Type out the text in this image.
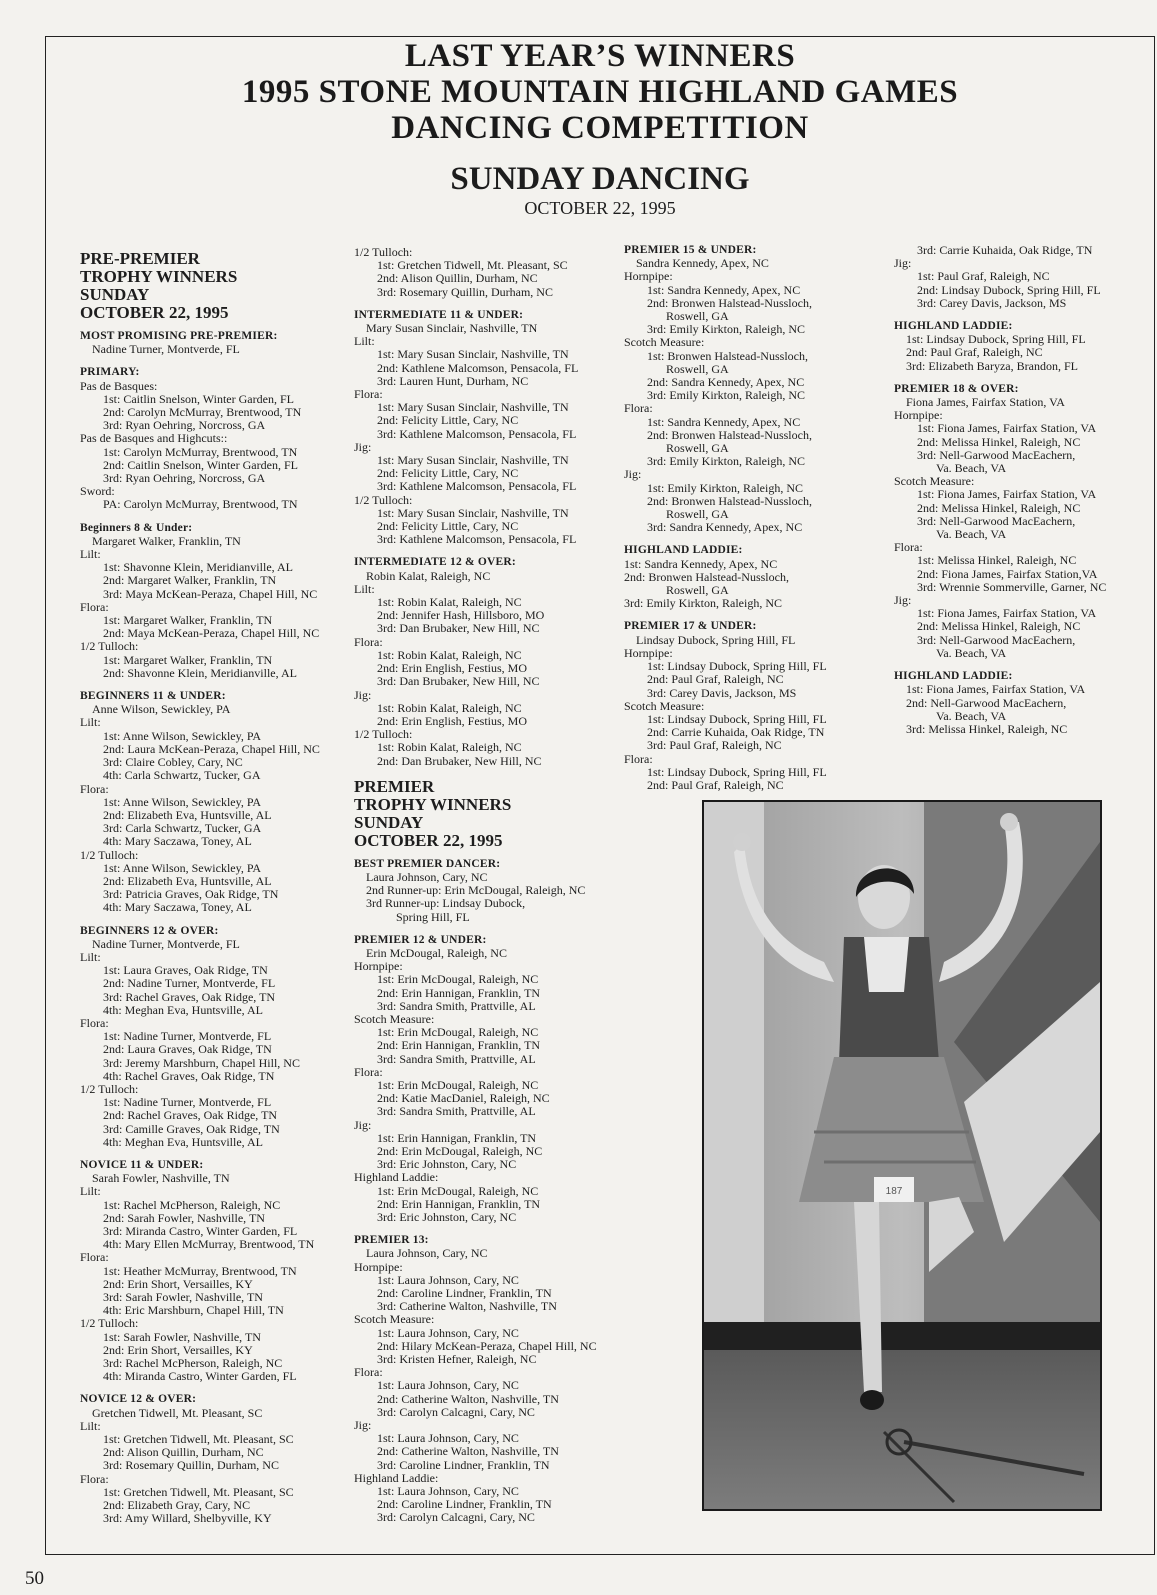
LAST YEAR’S WINNERS
1995 STONE MOUNTAIN HIGHLAND GAMES
DANCING COMPETITION
SUNDAY DANCING
OCTOBER 22, 1995
PRE-PREMIER
TROPHY WINNERS
SUNDAY
OCTOBER 22, 1995
MOST PROMISING PRE-PREMIER:
Nadine Turner, Montverde, FL
PRIMARY:
Pas de Basques:
1st: Caitlin Snelson, Winter Garden, FL
2nd: Carolyn McMurray, Brentwood, TN
3rd: Ryan Oehring, Norcross, GA
Pas de Basques and Highcuts::
1st: Carolyn McMurray, Brentwood, TN
2nd: Caitlin Snelson, Winter Garden, FL
3rd: Ryan Oehring, Norcross, GA
Sword:
PA: Carolyn McMurray, Brentwood, TN
Beginners 8 & Under:
Margaret Walker, Franklin, TN
Lilt:
1st: Shavonne Klein, Meridianville, AL
2nd: Margaret Walker, Franklin, TN
3rd: Maya McKean-Peraza, Chapel Hill, NC
Flora:
1st: Margaret Walker, Franklin, TN
2nd: Maya McKean-Peraza, Chapel Hill, NC
1/2 Tulloch:
1st: Margaret Walker, Franklin, TN
2nd: Shavonne Klein, Meridianville, AL
BEGINNERS 11 & UNDER:
Anne Wilson, Sewickley, PA
Lilt:
1st: Anne Wilson, Sewickley, PA
2nd: Laura McKean-Peraza, Chapel Hill, NC
3rd: Claire Cobley, Cary, NC
4th: Carla Schwartz, Tucker, GA
Flora:
1st: Anne Wilson, Sewickley, PA
2nd: Elizabeth Eva, Huntsville, AL
3rd: Carla Schwartz, Tucker, GA
4th: Mary Saczawa, Toney, AL
1/2 Tulloch:
1st: Anne Wilson, Sewickley, PA
2nd: Elizabeth Eva, Huntsville, AL
3rd: Patricia Graves, Oak Ridge, TN
4th: Mary Saczawa, Toney, AL
BEGINNERS 12 & OVER:
Nadine Turner, Montverde, FL
Lilt:
1st: Laura Graves, Oak Ridge, TN
2nd: Nadine Turner, Montverde, FL
3rd: Rachel Graves, Oak Ridge, TN
4th: Meghan Eva, Huntsville, AL
Flora:
1st: Nadine Turner, Montverde, FL
2nd: Laura Graves, Oak Ridge, TN
3rd: Jeremy Marshburn, Chapel Hill, NC
4th: Rachel Graves, Oak Ridge, TN
1/2 Tulloch:
1st: Nadine Turner, Montverde, FL
2nd: Rachel Graves, Oak Ridge, TN
3rd: Camille Graves, Oak Ridge, TN
4th: Meghan Eva, Huntsville, AL
NOVICE 11 & UNDER:
Sarah Fowler, Nashville, TN
Lilt:
1st: Rachel McPherson, Raleigh, NC
2nd: Sarah Fowler, Nashville, TN
3rd: Miranda Castro, Winter Garden, FL
4th: Mary Ellen McMurray, Brentwood, TN
Flora:
1st: Heather McMurray, Brentwood, TN
2nd: Erin Short, Versailles, KY
3rd: Sarah Fowler, Nashville, TN
4th: Eric Marshburn, Chapel Hill, TN
1/2 Tulloch:
1st: Sarah Fowler, Nashville, TN
2nd: Erin Short, Versailles, KY
3rd: Rachel McPherson, Raleigh, NC
4th: Miranda Castro, Winter Garden, FL
NOVICE 12 & OVER:
Gretchen Tidwell, Mt. Pleasant, SC
Lilt:
1st: Gretchen Tidwell, Mt. Pleasant, SC
2nd: Alison Quillin, Durham, NC
3rd: Rosemary Quillin, Durham, NC
Flora:
1st: Gretchen Tidwell, Mt. Pleasant, SC
2nd: Elizabeth Gray, Cary, NC
3rd: Amy Willard, Shelbyville, KY
1/2 Tulloch:
1st: Gretchen Tidwell, Mt. Pleasant, SC
2nd: Alison Quillin, Durham, NC
3rd: Rosemary Quillin, Durham, NC
INTERMEDIATE 11 & UNDER:
Mary Susan Sinclair, Nashville, TN
Lilt:
1st: Mary Susan Sinclair, Nashville, TN
2nd: Kathlene Malcomson, Pensacola, FL
3rd: Lauren Hunt, Durham, NC
Flora:
1st: Mary Susan Sinclair, Nashville, TN
2nd: Felicity Little, Cary, NC
3rd: Kathlene Malcomson, Pensacola, FL
Jig:
1st: Mary Susan Sinclair, Nashville, TN
2nd: Felicity Little, Cary, NC
3rd: Kathlene Malcomson, Pensacola, FL
1/2 Tulloch:
1st: Mary Susan Sinclair, Nashville, TN
2nd: Felicity Little, Cary, NC
3rd: Kathlene Malcomson, Pensacola, FL
INTERMEDIATE 12 & OVER:
Robin Kalat, Raleigh, NC
Lilt:
1st: Robin Kalat, Raleigh, NC
2nd: Jennifer Hash, Hillsboro, MO
3rd: Dan Brubaker, New Hill, NC
Flora:
1st: Robin Kalat, Raleigh, NC
2nd: Erin English, Festius, MO
3rd: Dan Brubaker, New Hill, NC
Jig:
1st: Robin Kalat, Raleigh, NC
2nd: Erin English, Festius, MO
1/2 Tulloch:
1st: Robin Kalat, Raleigh, NC
2nd: Dan Brubaker, New Hill, NC
PREMIER
TROPHY WINNERS
SUNDAY
OCTOBER 22, 1995
BEST PREMIER DANCER:
Laura Johnson, Cary, NC
2nd Runner-up: Erin McDougal, Raleigh, NC
3rd Runner-up: Lindsay Dubock,
Spring Hill, FL
PREMIER 12 & UNDER:
Erin McDougal, Raleigh, NC
Hornpipe:
1st: Erin McDougal, Raleigh, NC
2nd: Erin Hannigan, Franklin, TN
3rd: Sandra Smith, Prattville, AL
Scotch Measure:
1st: Erin McDougal, Raleigh, NC
2nd: Erin Hannigan, Franklin, TN
3rd: Sandra Smith, Prattville, AL
Flora:
1st: Erin McDougal, Raleigh, NC
2nd: Katie MacDaniel, Raleigh, NC
3rd: Sandra Smith, Prattville, AL
Jig:
1st: Erin Hannigan, Franklin, TN
2nd: Erin McDougal, Raleigh, NC
3rd: Eric Johnston, Cary, NC
Highland Laddie:
1st: Erin McDougal, Raleigh, NC
2nd: Erin Hannigan, Franklin, TN
3rd: Eric Johnston, Cary, NC
PREMIER 13:
Laura Johnson, Cary, NC
Hornpipe:
1st: Laura Johnson, Cary, NC
2nd: Caroline Lindner, Franklin, TN
3rd: Catherine Walton, Nashville, TN
Scotch Measure:
1st: Laura Johnson, Cary, NC
2nd: Hilary McKean-Peraza, Chapel Hill, NC
3rd: Kristen Hefner, Raleigh, NC
Flora:
1st: Laura Johnson, Cary, NC
2nd: Catherine Walton, Nashville, TN
3rd: Carolyn Calcagni, Cary, NC
Jig:
1st: Laura Johnson, Cary, NC
2nd: Catherine Walton, Nashville, TN
3rd: Caroline Lindner, Franklin, TN
Highland Laddie:
1st: Laura Johnson, Cary, NC
2nd: Caroline Lindner, Franklin, TN
3rd: Carolyn Calcagni, Cary, NC
PREMIER 15 & UNDER:
Sandra Kennedy, Apex, NC
Hornpipe:
1st: Sandra Kennedy, Apex, NC
2nd: Bronwen Halstead-Nussloch,
Roswell, GA
3rd: Emily Kirkton, Raleigh, NC
Scotch Measure:
1st: Bronwen Halstead-Nussloch,
Roswell, GA
2nd: Sandra Kennedy, Apex, NC
3rd: Emily Kirkton, Raleigh, NC
Flora:
1st: Sandra Kennedy, Apex, NC
2nd: Bronwen Halstead-Nussloch,
Roswell, GA
3rd: Emily Kirkton, Raleigh, NC
Jig:
1st: Emily Kirkton, Raleigh, NC
2nd: Bronwen Halstead-Nussloch,
Roswell, GA
3rd: Sandra Kennedy, Apex, NC
HIGHLAND LADDIE:
1st: Sandra Kennedy, Apex, NC
2nd: Bronwen Halstead-Nussloch,
Roswell, GA
3rd: Emily Kirkton, Raleigh, NC
PREMIER 17 & UNDER:
Lindsay Dubock, Spring Hill, FL
Hornpipe:
1st: Lindsay Dubock, Spring Hill, FL
2nd: Paul Graf, Raleigh, NC
3rd: Carey Davis, Jackson, MS
Scotch Measure:
1st: Lindsay Dubock, Spring Hill, FL
2nd: Carrie Kuhaida, Oak Ridge, TN
3rd: Paul Graf, Raleigh, NC
Flora:
1st: Lindsay Dubock, Spring Hill, FL
2nd: Paul Graf, Raleigh, NC
3rd: Carrie Kuhaida, Oak Ridge, TN
Jig:
1st: Paul Graf, Raleigh, NC
2nd: Lindsay Dubock, Spring Hill, FL
3rd: Carey Davis, Jackson, MS
HIGHLAND LADDIE:
1st: Lindsay Dubock, Spring Hill, FL
2nd: Paul Graf, Raleigh, NC
3rd: Elizabeth Baryza, Brandon, FL
PREMIER 18 & OVER:
Fiona James, Fairfax Station, VA
Hornpipe:
1st: Fiona James, Fairfax Station, VA
2nd: Melissa Hinkel, Raleigh, NC
3rd: Nell-Garwood MacEachern,
Va. Beach, VA
Scotch Measure:
1st: Fiona James, Fairfax Station, VA
2nd: Melissa Hinkel, Raleigh, NC
3rd: Nell-Garwood MacEachern,
Va. Beach, VA
Flora:
1st: Melissa Hinkel, Raleigh, NC
2nd: Fiona James, Fairfax Station,VA
3rd: Wrennie Sommerville, Garner, NC
Jig:
1st: Fiona James, Fairfax Station, VA
2nd: Melissa Hinkel, Raleigh, NC
3rd: Nell-Garwood MacEachern,
Va. Beach, VA
HIGHLAND LADDIE:
1st: Fiona James, Fairfax Station, VA
2nd: Nell-Garwood MacEachern,
Va. Beach, VA
3rd: Melissa Hinkel, Raleigh, NC
187
50
